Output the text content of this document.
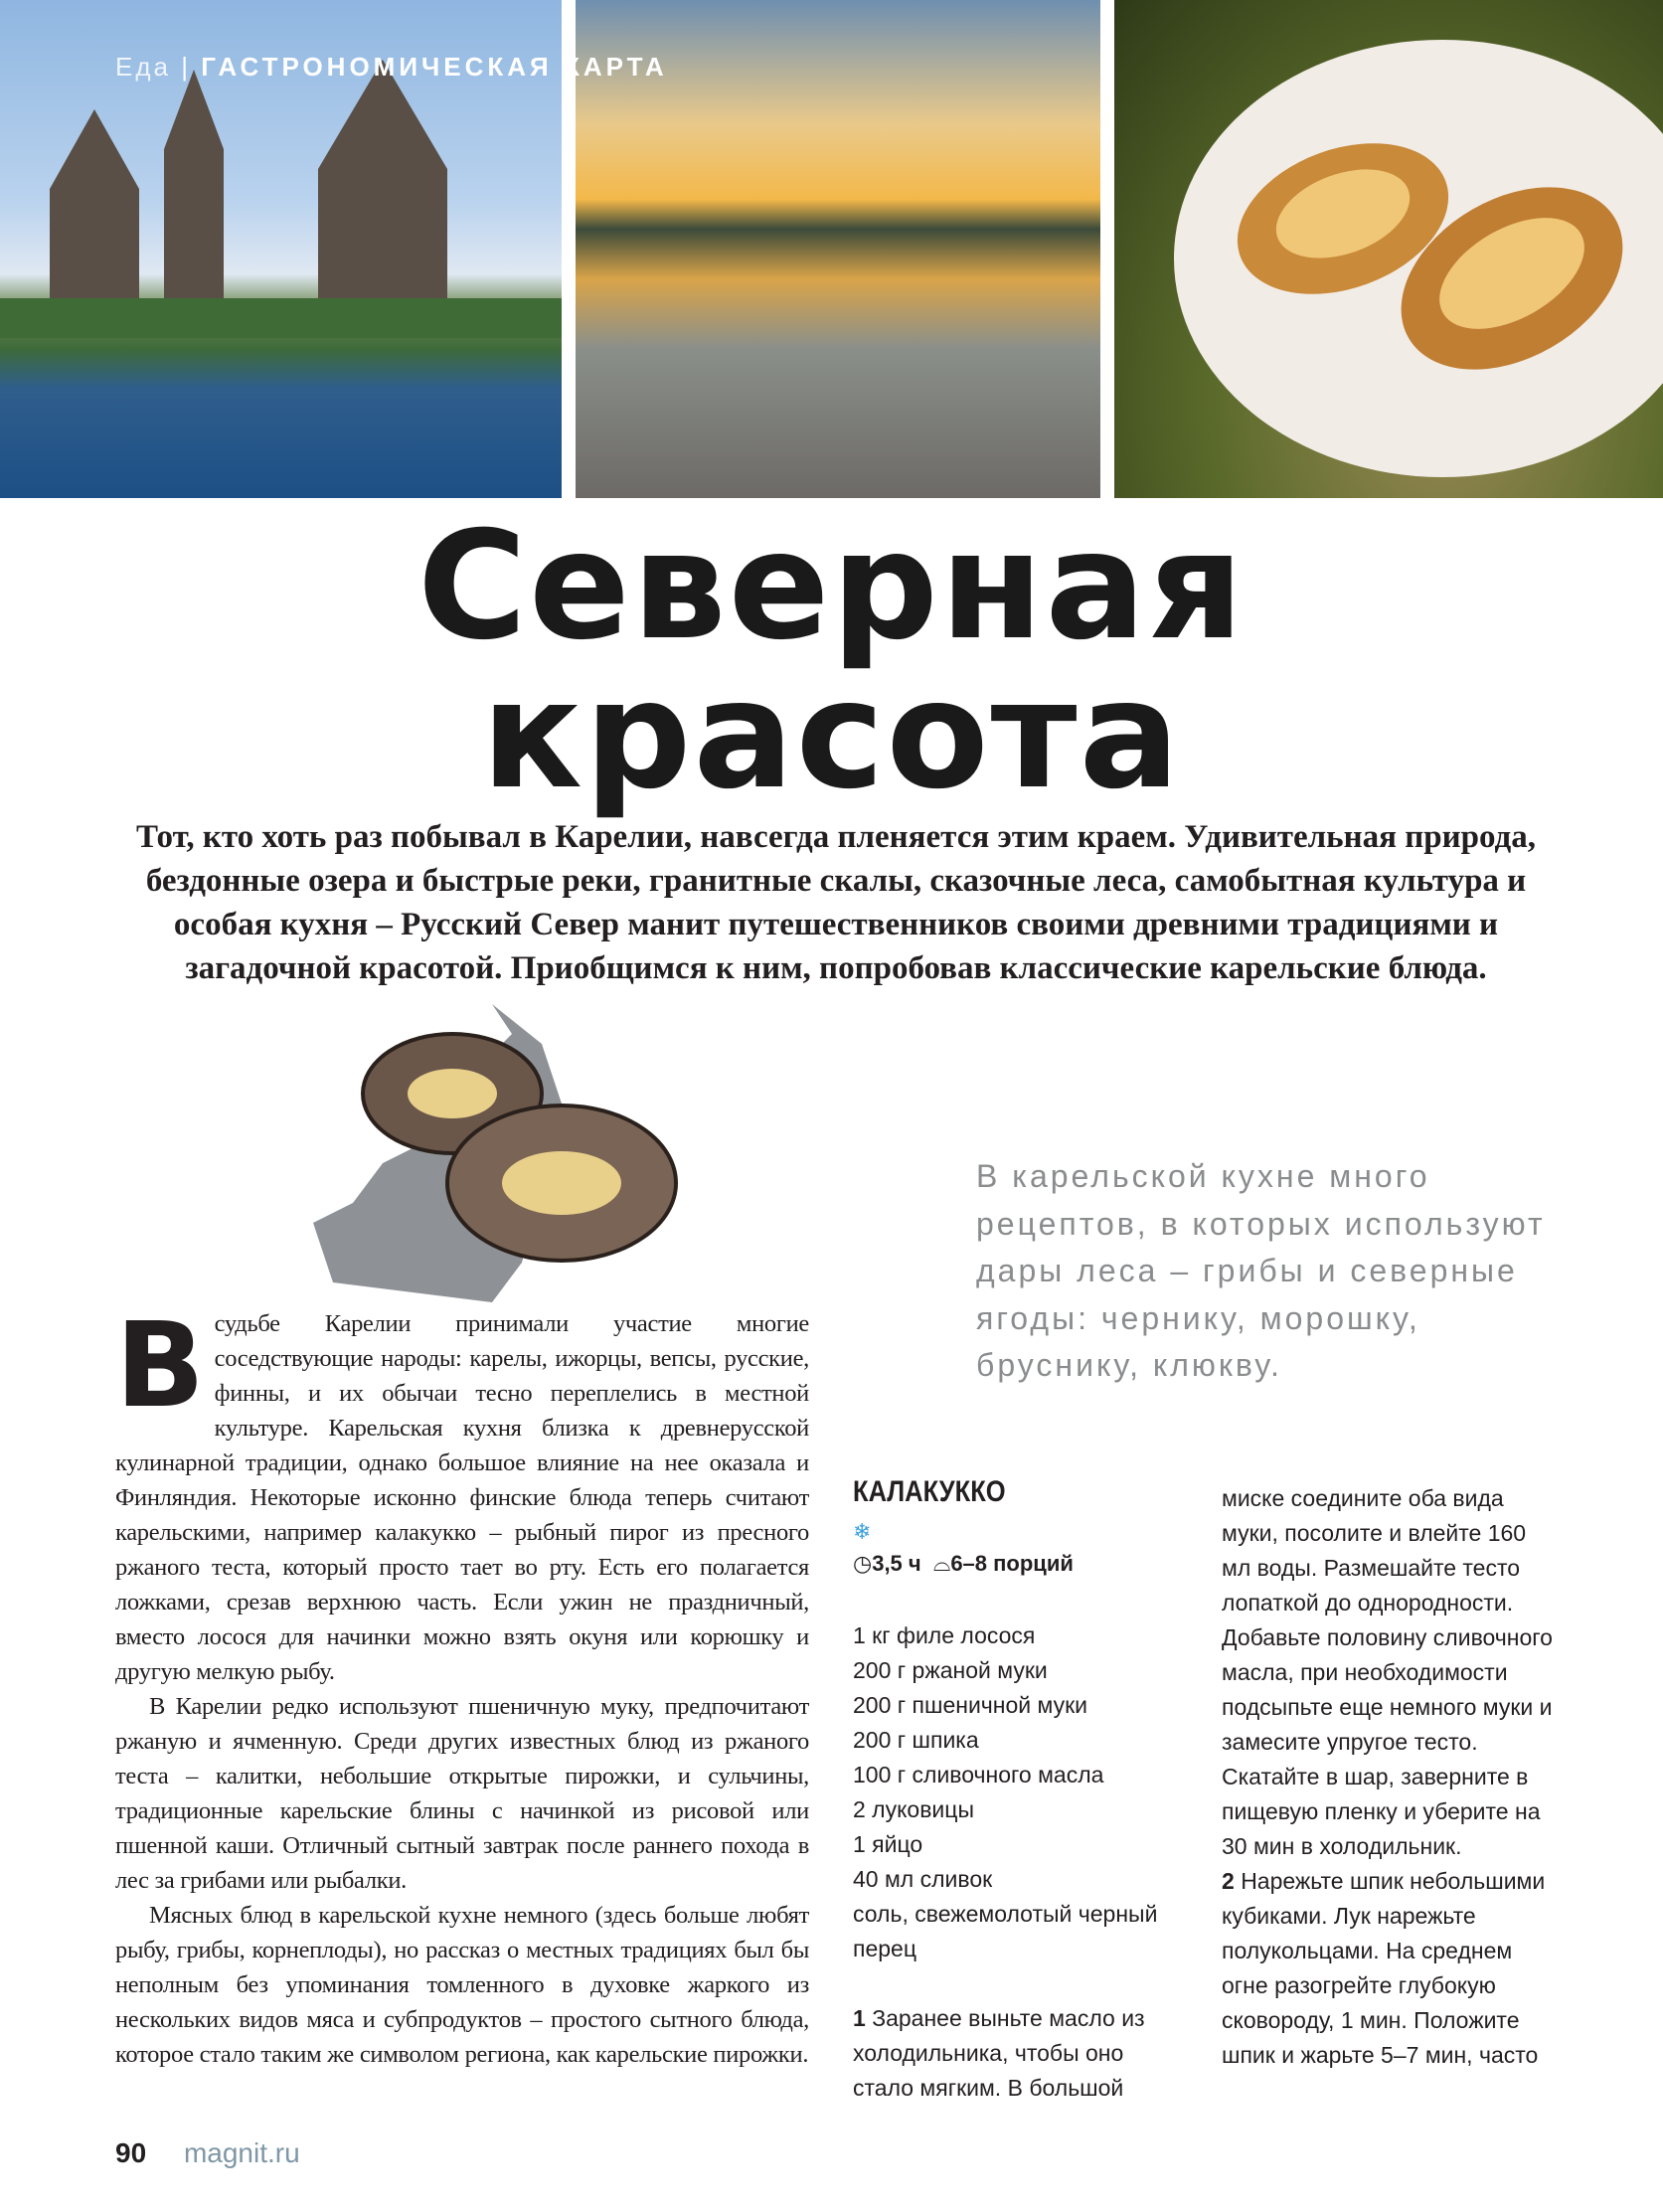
Еда | ГАСТРОНОМИЧЕСКАЯ КАРТА
Северная
красота
Тот, кто хоть раз побывал в Карелии, навсегда пленяется этим краем. Удивительная природа, бездонные озера и быстрые реки, гранитные скалы, сказочные леса, самобытная культура и особая кухня – Русский Север манит путешественников своими древними традициями и загадочной красотой. Приобщимся к ним, попробовав классические карельские блюда.
В карельской кухне много рецептов, в которых используют дары леса – грибы и северные ягоды: чернику, морошку, бруснику, клюкву.

Всудьбе Карелии принимали участие многие соседствующие народы: карелы, ижорцы, вепсы, русские, финны, и их обычаи тесно переплелись в местной культуре. Карельская кухня близка к древнерусской кулинарной традиции, однако большое влияние на нее оказала и Финляндия. Некоторые исконно финские блюда теперь считают карельскими, например калакукко – рыбный пирог из пресного ржаного теста, который просто тает во рту. Есть его полагается ложками, срезав верхнюю часть. Если ужин не праздничный, вместо лосося для начинки можно взять окуня или корюшку и другую мелкую рыбу.

В Карелии редко используют пшеничную муку, предпочитают ржаную и ячменную. Среди других известных блюд из ржаного теста – калитки, небольшие открытые пирожки, и сульчины, традиционные карельские блины с начинкой из рисовой или пшенной каши. Отличный сытный завтрак после раннего похода в лес за грибами или рыбалки.

Мясных блюд в карельской кухне немного (здесь больше любят рыбу, грибы, корнеплоды), но рассказ о местных традициях был бы неполным без упоминания томленного в духовке жаркого из нескольких видов мяса и субпродуктов – простого сытного блюда, которое стало таким же символом региона, как карельские пирожки.

КАЛАКУККО
❄
◷3,5 ч ⌓6–8 порций
1 кг филе лосося
200 г ржаной муки
200 г пшеничной муки
200 г шпика
100 г сливочного масла
2 луковицы
1 яйцо
40 мл сливок
соль, свежемолотый черный перец
1 Заранее выньте масло из холодильника, чтобы оно стало мягким. В большой
миске соедините оба вида муки, посолите и влейте 160 мл воды. Размешайте тесто лопаткой до однородности. Добавьте половину сливочного масла, при необходимости подсыпьте еще немного муки и замесите упругое тесто. Скатайте в шар, заверните в пищевую пленку и уберите на 30 мин в холодильник.
2 Нарежьте шпик небольшими кубиками. Лук нарежьте полукольцами. На среднем огне разогрейте глубокую сковороду, 1 мин. Положите шпик и жарьте 5–7 мин, часто
90 magnit.ru
